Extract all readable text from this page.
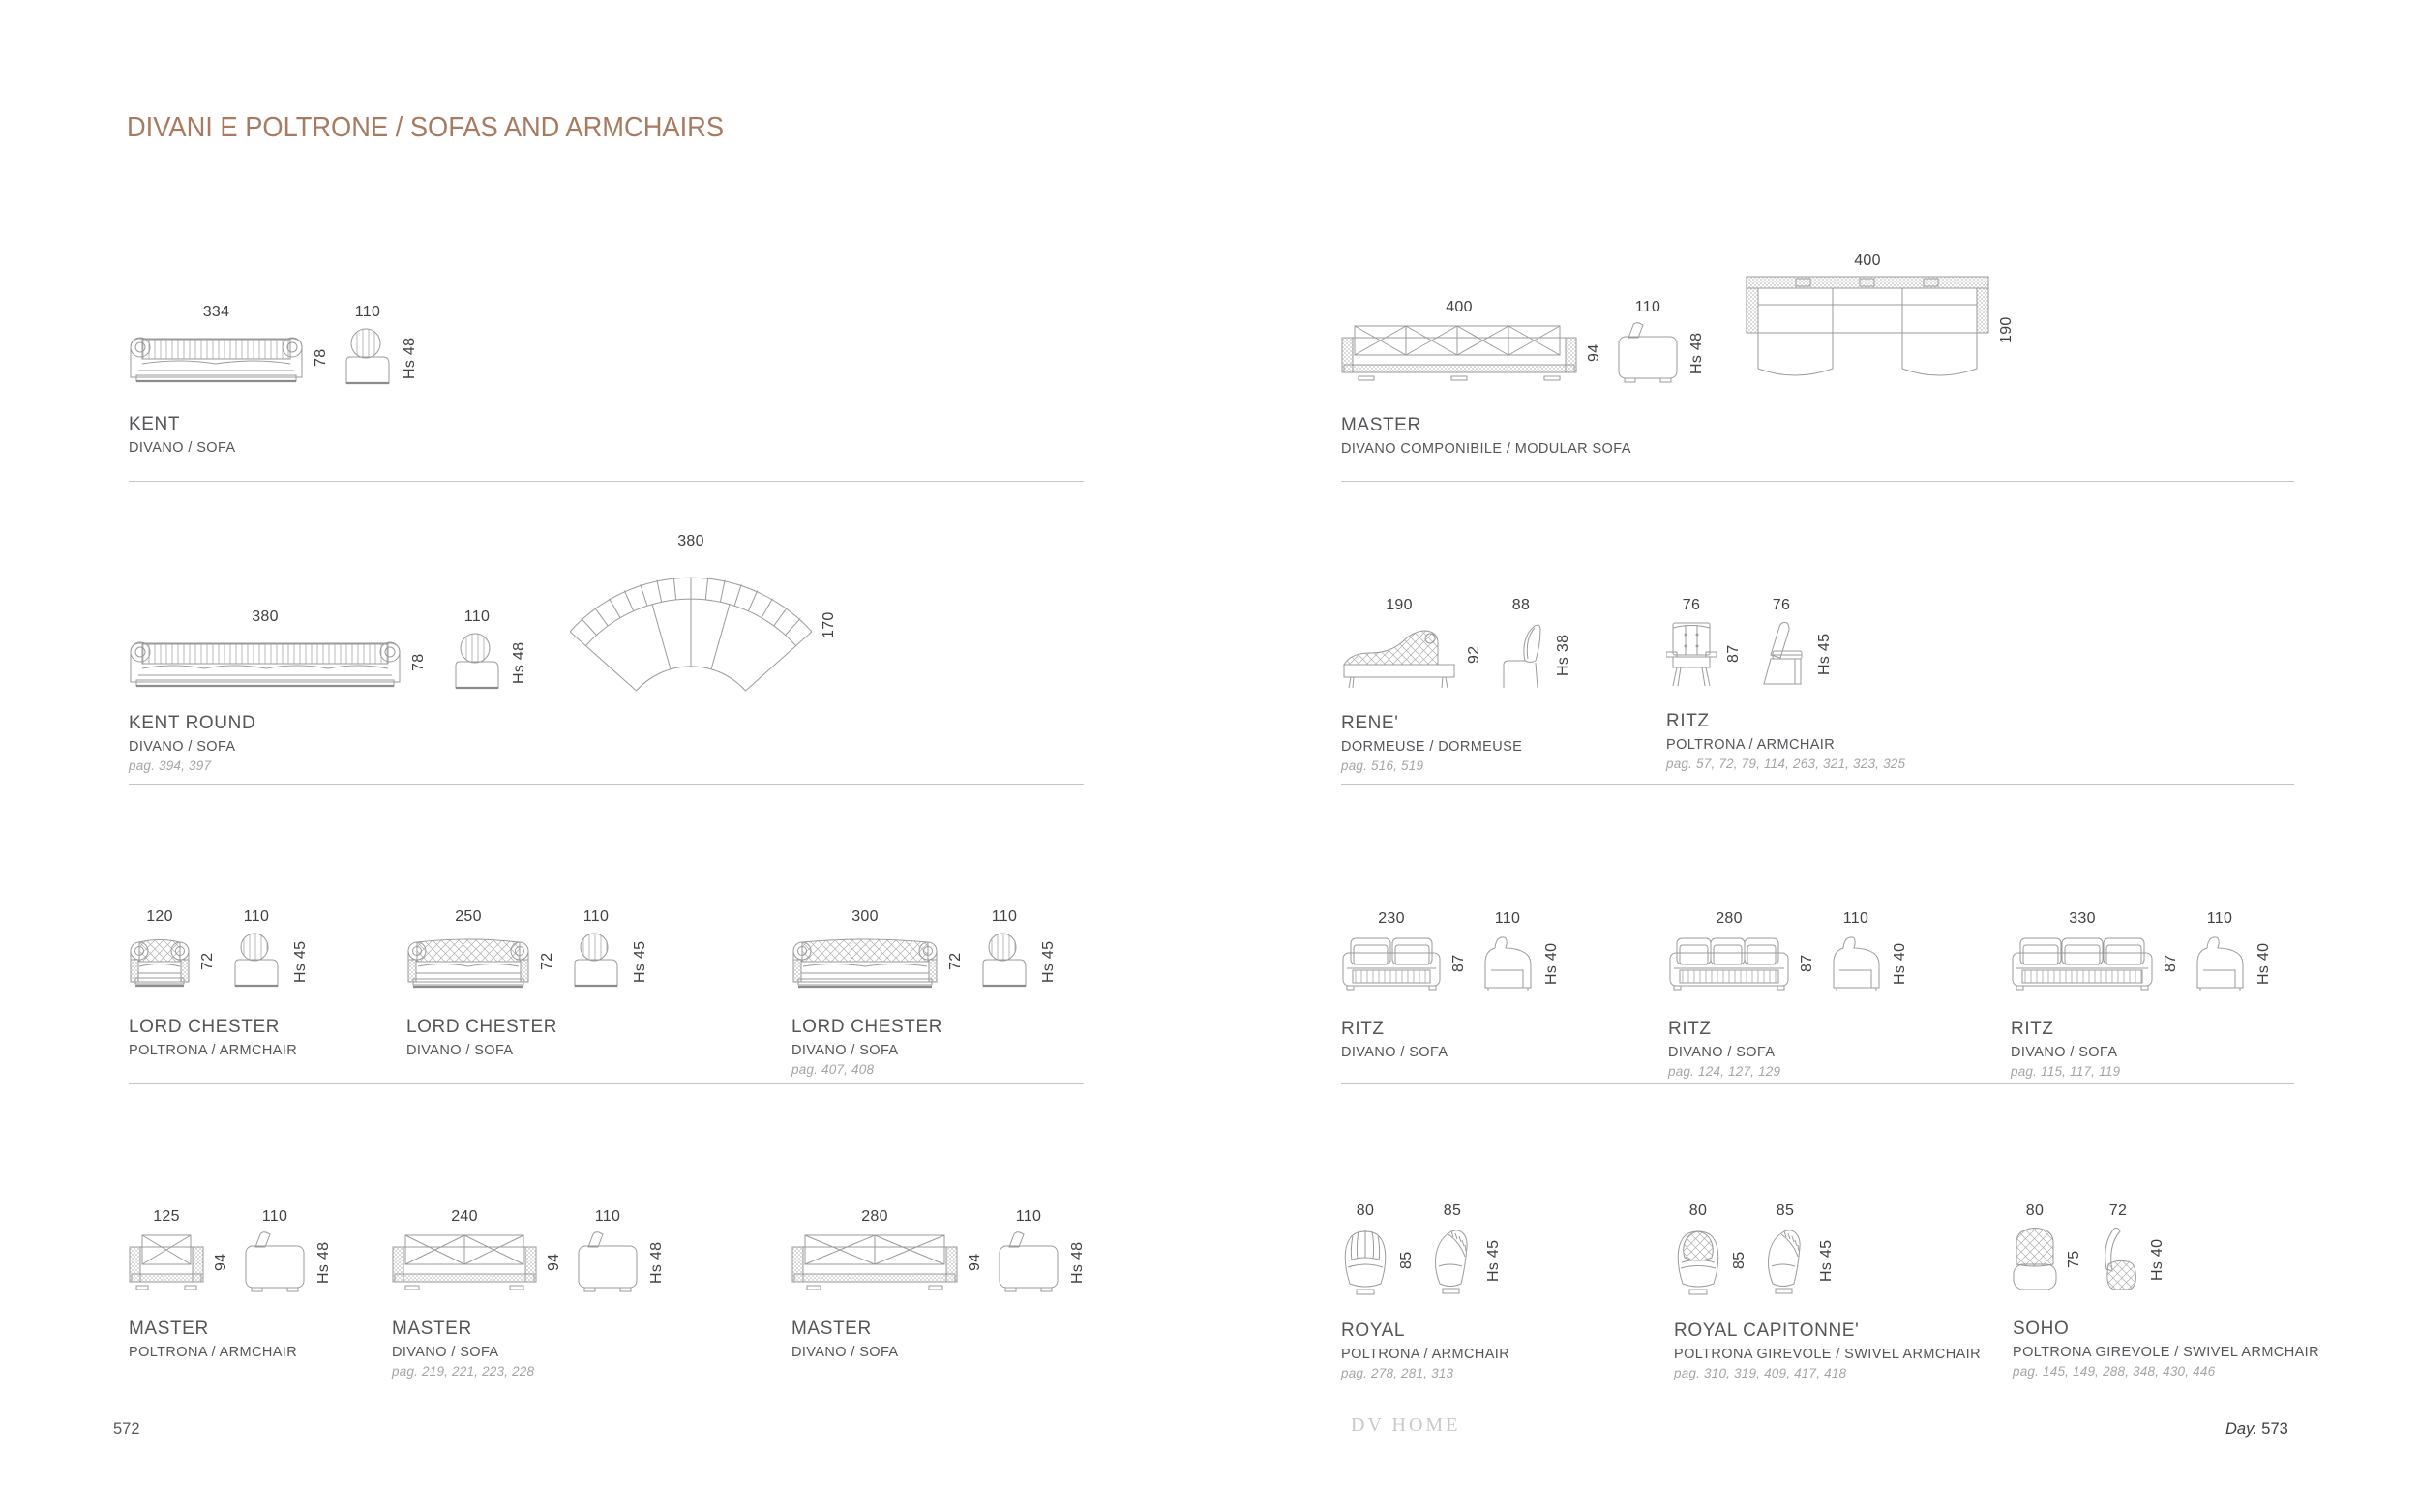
DIVANI E POLTRONE / SOFAS AND ARMCHAIRS
334
78
110
Hs 48
KENT
DIVANO / SOFA
380
78
110
Hs 48
380
170
KENT ROUND
DIVANO / SOFA
pag. 394, 397
120
72
110
Hs 45
LORD CHESTER
POLTRONA / ARMCHAIR
250
72
110
Hs 45
LORD CHESTER
DIVANO / SOFA
300
72
110
Hs 45
LORD CHESTER
DIVANO / SOFA
pag. 407, 408
125
94
110
Hs 48
MASTER
POLTRONA / ARMCHAIR
240
94
110
Hs 48
MASTER
DIVANO / SOFA
pag. 219, 221, 223, 228
280
94
110
Hs 48
MASTER
DIVANO / SOFA
400
94
110
Hs 48
400
190
MASTER
DIVANO COMPONIBILE / MODULAR SOFA
190
92
88
Hs 38
RENE'
DORMEUSE / DORMEUSE
pag. 516, 519
76
87
76
Hs 45
RITZ
POLTRONA / ARMCHAIR
pag. 57, 72, 79, 114, 263, 321, 323, 325
230
87
110
Hs 40
RITZ
DIVANO / SOFA
280
87
110
Hs 40
RITZ
DIVANO / SOFA
pag. 124, 127, 129
330
87
110
Hs 40
RITZ
DIVANO / SOFA
pag. 115, 117, 119
80
85
85
Hs 45
ROYAL
POLTRONA / ARMCHAIR
pag. 278, 281, 313
80
85
85
Hs 45
ROYAL CAPITONNE'
POLTRONA GIREVOLE / SWIVEL ARMCHAIR
pag. 310, 319, 409, 417, 418
80
75
72
Hs 40
SOHO
POLTRONA GIREVOLE / SWIVEL ARMCHAIR
pag. 145, 149, 288, 348, 430, 446
572	DV HOME	Day. 573
